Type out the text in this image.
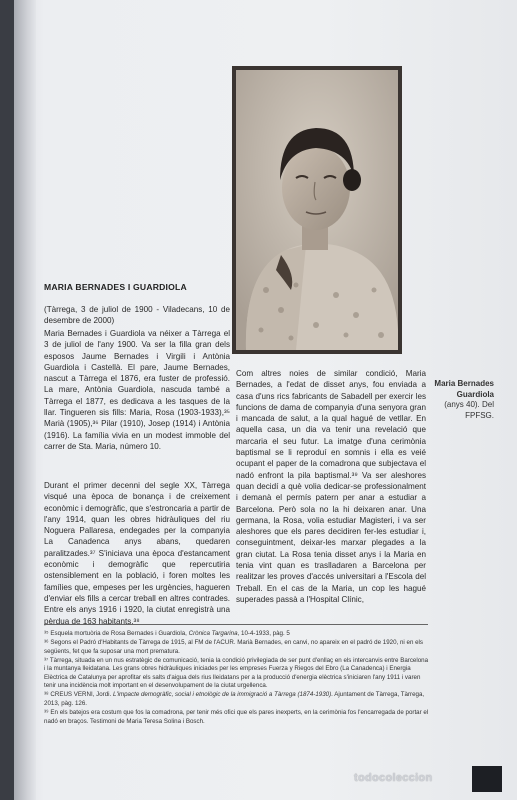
MARIA BERNADES I GUARDIOLA
(Tàrrega, 3 de juliol de 1900 - Viladecans, 10 de desembre de 2000)
Maria Bernades i Guardiola va néixer a Tàrrega el 3 de juliol de l'any 1900. Va ser la filla gran dels esposos Jaume Bernades i Virgili i Antònia Guardiola i Castellà. El pare, Jaume Bernades, nascut a Tàrrega el 1876, era fuster de professió. La mare, Antònia Guardiola, nascuda també a Tàrrega el 1877, es dedicava a les tasques de la llar. Tingueren sis fills: Maria, Rosa (1903-1933),³⁵ Marià (1905),³⁶ Pilar (1910), Josep (1914) i Antònia (1916). La família vivia en un modest immoble del carrer de Sta. Maria, número 10.
Durant el primer decenni del segle XX, Tàrrega visqué una època de bonança i de creixement econòmic i demogràfic, que s'estroncaria a partir de l'any 1914, quan les obres hidràuliques del riu Noguera Pallaresa, endegades per la companyia La Canadenca anys abans, quedaren paralitzades.³⁷ S'iniciava una època d'estancament econòmic i demogràfic que repercutiria ostensiblement en la població, i foren moltes les famílies que, empeses per les urgències, hagueren d'enviar els fills a cercar treball en altres contrades. Entre els anys 1916 i 1920, la ciutat enregistrà una pèrdua de 163 habitants.³⁸
Com altres noies de similar condició, Maria Bernades, a l'edat de disset anys, fou enviada a casa d'uns rics fabricants de Sabadell per exercir les funcions de dama de companyia d'una senyora gran i mancada de salut, a la qual hagué de vetllar. En aquella casa, un dia va tenir una revelació que marcaria el seu futur. La imatge d'una cerimònia baptismal se li reproduí en somnis i ella es veié ocupant el paper de la comadrona que subjectava el nadó enfront la pila baptismal.³⁹ Va ser aleshores quan decidí a què volia dedicar-se professionalment i demanà el permís patern per anar a estudiar a Barcelona. Però sola no la hi deixaren anar. Una germana, la Rosa, volia estudiar Magisteri, i va ser aleshores que els pares decidiren fer-les estudiar i, conseguintment, deixar-les marxar plegades a la gran ciutat. La Rosa tenia disset anys i la Maria en tenia vint quan es traslladaren a Barcelona per realitzar les proves d'accés universitari a l'Escola del Treball. En el cas de la Maria, un cop les hagué superades passà a l'Hospital Clínic,
Maria Bernades Guardiola
(anys 40). Del FPFSG.
³⁵ Esquela mortuòria de Rosa Bernades i Guardiola, Crònica Targarina, 10-4-1933, pàg. 5
³⁶ Segons el Padró d'Habitants de Tàrrega de 1915, al FM de l'ACUR. Marià Bernades, en canvi, no apareix en el padró de 1920, ni en els següents, fet que fa suposar una mort prematura.
³⁷ Tàrrega, situada en un nus estratègic de comunicació, tenia la condició privilegiada de ser punt d'enllaç en els intercanvis entre Barcelona i la muntanya lleidatana. Les grans obres hidràuliques iniciades per les empreses Fuerza y Riegos del Ebro (La Canadenca) i Energia Elèctrica de Catalunya per aprofitar els salts d'aigua dels rius lleidatans per a la producció d'energia elèctrica s'iniciaren l'any 1911 i varen tenir una incidència molt important en el desenvolupament de la ciutat urgellenca.
³⁸ CREUS VERNI, Jordi. L'impacte demogràfic, social i etnològic de la immigració a Tàrrega (1874-1930). Ajuntament de Tàrrega, Tàrrega, 2013, pàg. 126.
³⁹ En els batejos era costum que fos la comadrona, per tenir més ofici que els pares inexperts, en la cerimònia fos l'encarregada de portar el nadó en braços. Testimoni de Maria Teresa Solina i Bosch.
todocoleccion
